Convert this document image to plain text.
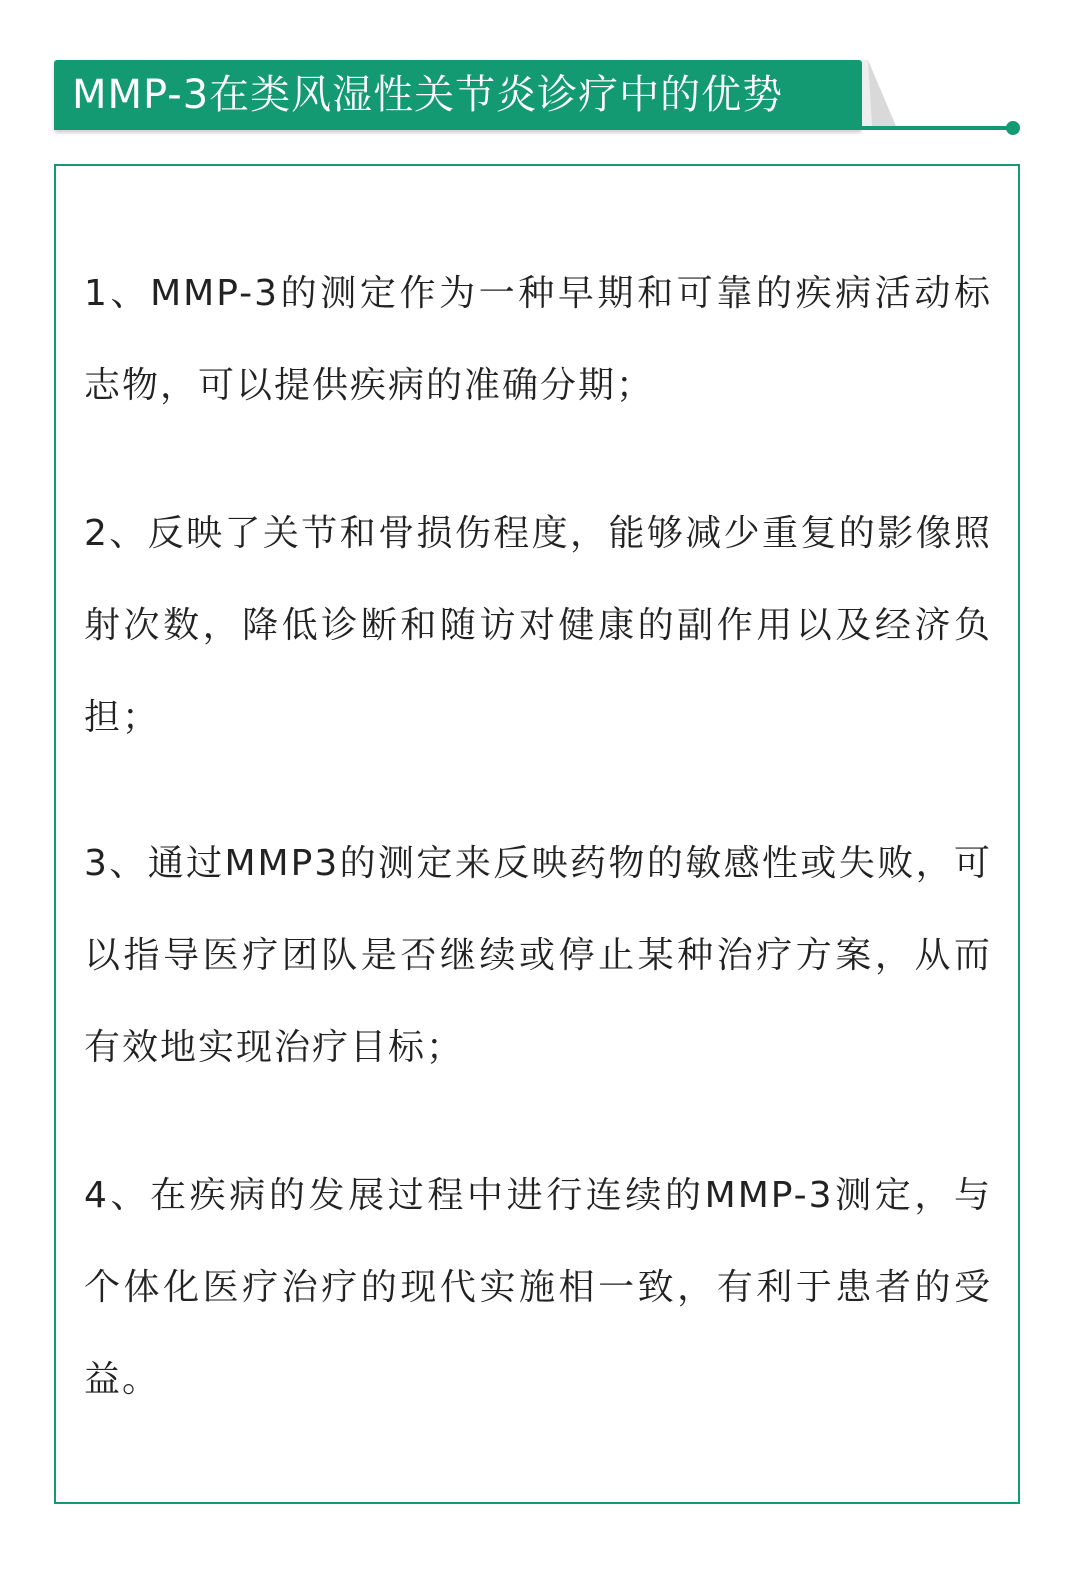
MMP-3在类风湿性关节炎诊疗中的优势
1、MMP-3的测定作为一种早期和可靠的疾病活动标志物，可以提供疾病的准确分期；
2、反映了关节和骨损伤程度，能够减少重复的影像照射次数，降低诊断和随访对健康的副作用以及经济负担；
3、通过MMP3的测定来反映药物的敏感性或失败，可以指导医疗团队是否继续或停止某种治疗方案，从而有效地实现治疗目标；
4、在疾病的发展过程中进行连续的MMP-3测定，与个体化医疗治疗的现代实施相一致，有利于患者的受益。
